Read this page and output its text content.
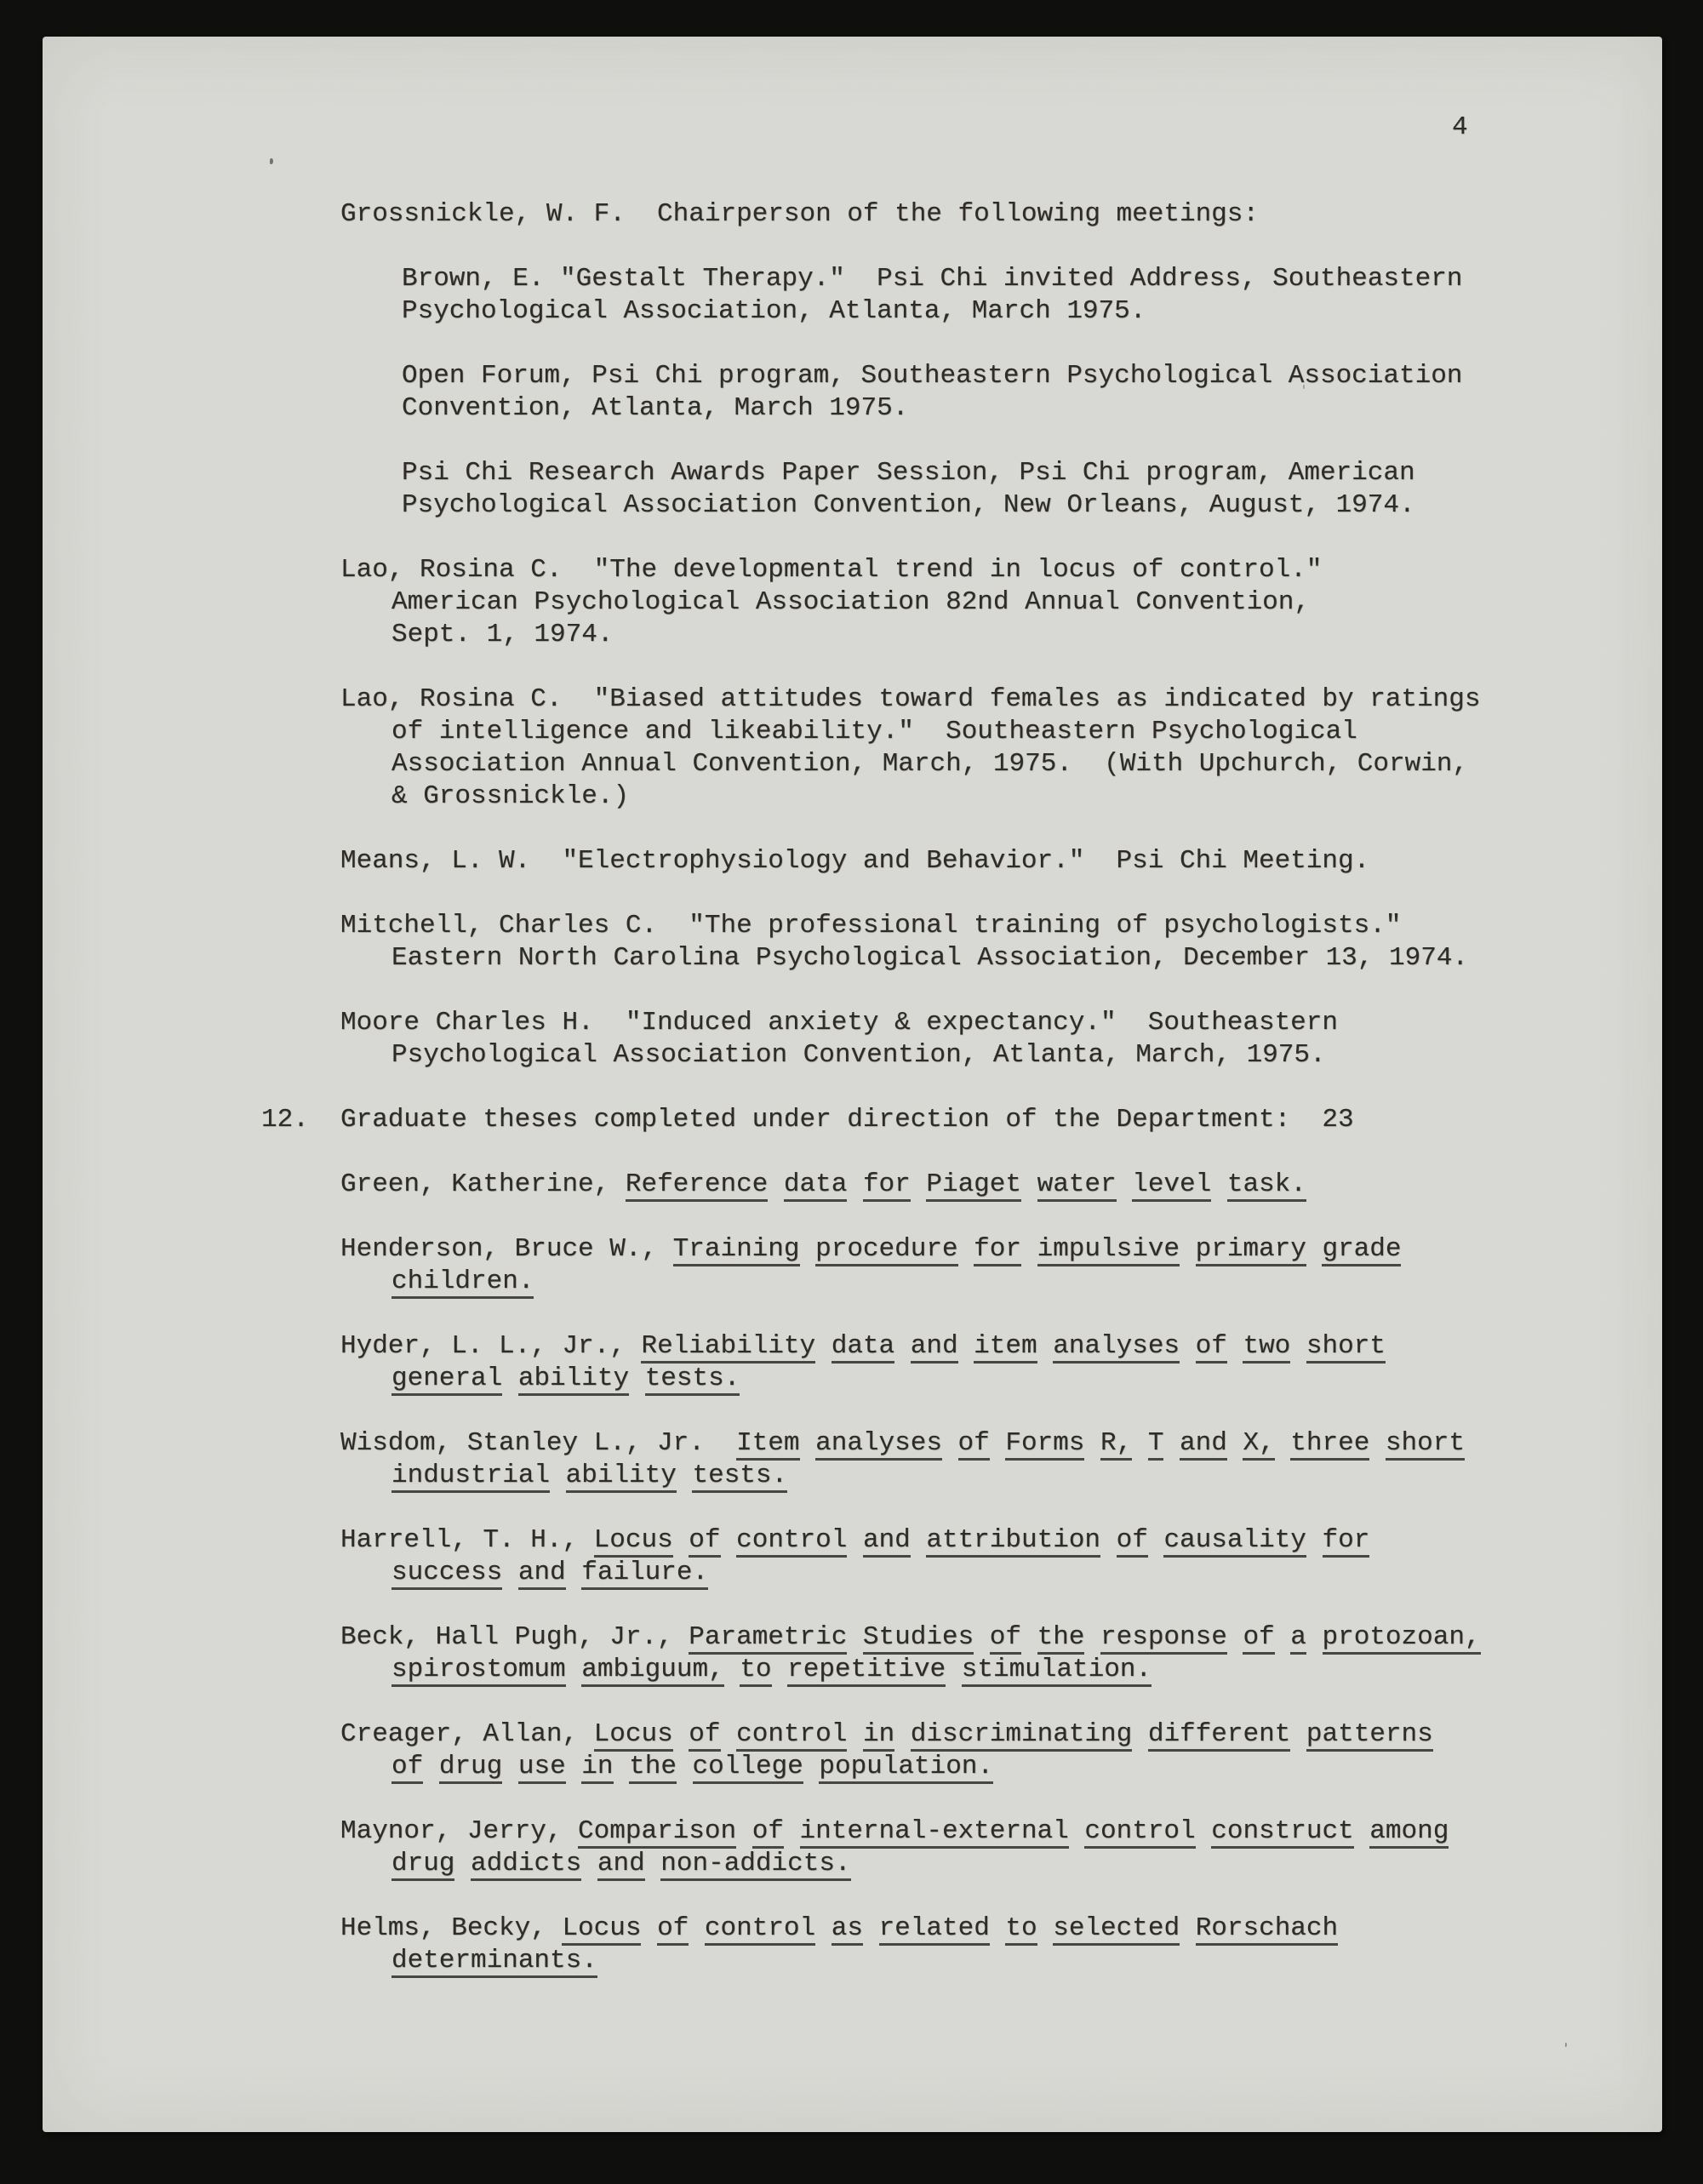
4
Grossnickle, W. F.  Chairperson of the following meetings:
Brown, E. "Gestalt Therapy."  Psi Chi invited Address, Southeastern
Psychological Association, Atlanta, March 1975.
Open Forum, Psi Chi program, Southeastern Psychological Association
Convention, Atlanta, March 1975.
Psi Chi Research Awards Paper Session, Psi Chi program, American
Psychological Association Convention, New Orleans, August, 1974.
Lao, Rosina C.  "The developmental trend in locus of control."
American Psychological Association 82nd Annual Convention,
Sept. 1, 1974.
Lao, Rosina C.  "Biased attitudes toward females as indicated by ratings
of intelligence and likeability."  Southeastern Psychological
Association Annual Convention, March, 1975.  (With Upchurch, Corwin,
& Grossnickle.)
Means, L. W.  "Electrophysiology and Behavior."  Psi Chi Meeting.
Mitchell, Charles C.  "The professional training of psychologists."
Eastern North Carolina Psychological Association, December 13, 1974.
Moore Charles H.  "Induced anxiety & expectancy."  Southeastern
Psychological Association Convention, Atlanta, March, 1975.
12. Graduate theses completed under direction of the Department:  23
Green, Katherine, Reference data for Piaget water level task.
Henderson, Bruce W., Training procedure for impulsive primary grade
children.
Hyder, L. L., Jr., Reliability data and item analyses of two short
general ability tests.
Wisdom, Stanley L., Jr.  Item analyses of Forms R, T and X, three short
industrial ability tests.
Harrell, T. H., Locus of control and attribution of causality for
success and failure.
Beck, Hall Pugh, Jr., Parametric Studies of the response of a protozoan,
spirostomum ambiguum, to repetitive stimulation.
Creager, Allan, Locus of control in discriminating different patterns
of drug use in the college population.
Maynor, Jerry, Comparison of internal-external control construct among
drug addicts and non-addicts.
Helms, Becky, Locus of control as related to selected Rorschach
determinants.
